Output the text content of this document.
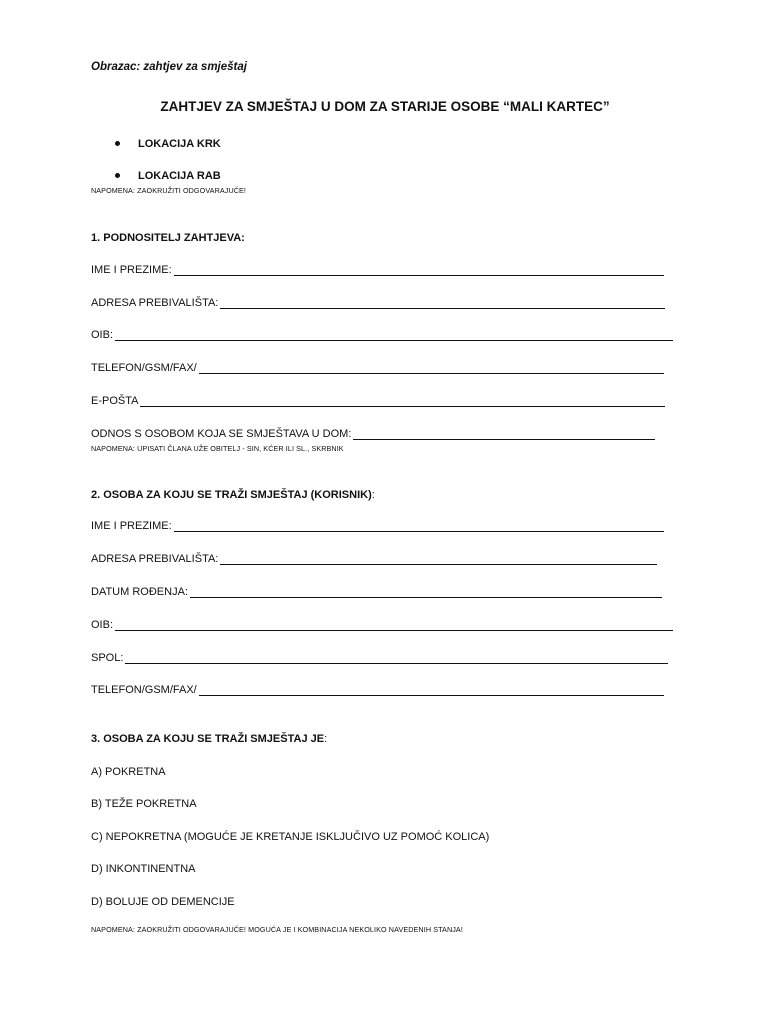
Obrazac: zahtjev za smještaj
ZAHTJEV ZA SMJEŠTAJ U DOM ZA STARIJE OSOBE “MALI KARTEC”
LOKACIJA KRK
LOKACIJA RAB
NAPOMENA: ZAOKRUŽITI ODGOVARAJUĆE!
1. PODNOSITELJ ZAHTJEVA:
IME I PREZIME:
ADRESA PREBIVALIŠTA:
OIB:
TELEFON/GSM/FAX/
E-POŠTA
ODNOS S OSOBOM KOJA SE SMJEŠTAVA U DOM:
NAPOMENA: UPISATI ČLANA UŽE OBITELJ - SIN, KĆER ILI SL., SKRBNIK
2. OSOBA ZA KOJU SE TRAŽI SMJEŠTAJ (KORISNIK):
IME I PREZIME:
ADRESA PREBIVALIŠTA:
DATUM ROĐENJA:
OIB:
SPOL:
TELEFON/GSM/FAX/
3. OSOBA ZA KOJU SE TRAŽI SMJEŠTAJ JE:
A) POKRETNA
B) TEŽE POKRETNA
C) NEPOKRETNA (MOGUĆE JE KRETANJE ISKLJUČIVO UZ POMOĆ KOLICA)
D) INKONTINENTNA
D) BOLUJE OD DEMENCIJE
NAPOMENA: ZAOKRUŽITI ODGOVARAJUĆE! MOGUĆA JE I KOMBINACIJA NEKOLIKO NAVEDENIH STANJA!
